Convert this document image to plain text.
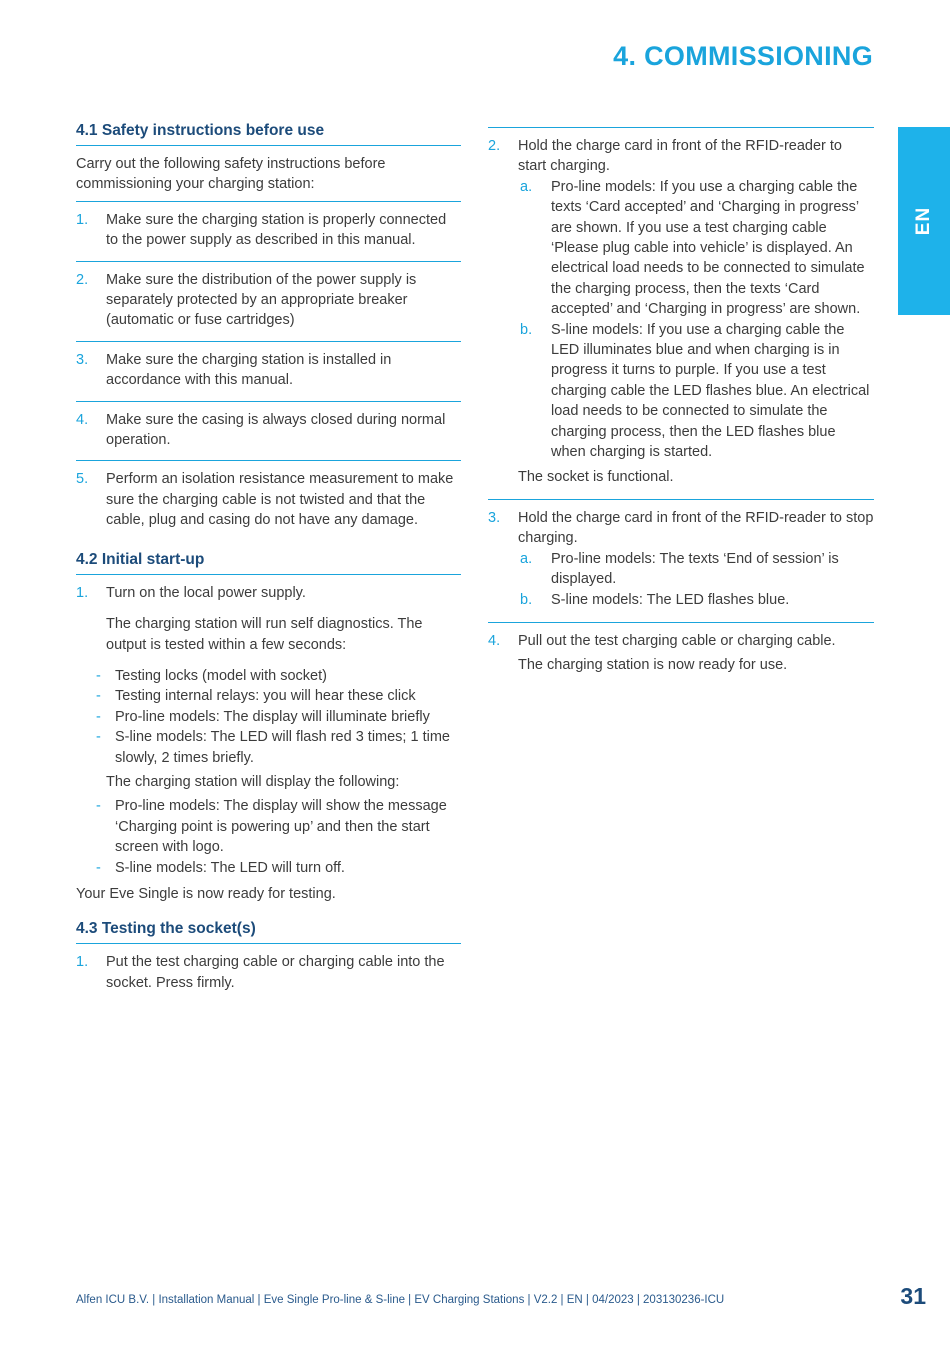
4. COMMISSIONING
EN
4.1 Safety instructions before use

Carry out the following safety instructions before commissioning your charging station:

1. Make sure the charging station is properly connected to the power supply as described in this manual.

2. Make sure the distribution of the power supply is separately protected by an appropriate breaker (automatic or fuse cartridges)

3. Make sure the charging station is installed in accordance with this manual.

4. Make sure the casing is always closed during normal operation.

5. Perform an isolation resistance measurement to make sure the charging cable is not twisted and that the cable, plug and casing do not have any damage.

4.2 Initial start-up
1. Turn on the local power supply.

The charging station will run self diagnostics. The output is tested within a few seconds:

- Testing locks (model with socket)
- Testing internal relays: you will hear these click
- Pro-line models: The display will illuminate briefly
- S-line models: The LED will flash red 3 times; 1 time slowly, 2 times briefly.

The charging station will display the following:

- Pro-line models: The display will show the message ‘Charging point is powering up’ and then the start screen with logo.
- S-line models: The LED will turn off.

Your Eve Single is now ready for testing.

4.3 Testing the socket(s)
1. Put the test charging cable or charging cable into the socket. Press firmly.

2. Hold the charge card in front of the RFID-reader to start charging.

a. Pro-line models: If you use a charging cable the texts ‘Card accepted’ and ‘Charging in progress’ are shown. If you use a test charging cable ‘Please plug cable into vehicle’ is displayed. An electrical load needs to be connected to simulate the charging process, then the texts ‘Card accepted’ and ‘Charging in progress’ are shown.
b. S-line models: If you use a charging cable the LED illuminates blue and when charging is in progress it turns to purple. If you use a test charging cable the LED flashes blue. An electrical load needs to be connected to simulate the charging process, then the LED flashes blue when charging is started.

The socket is functional.

3. Hold the charge card in front of the RFID-reader to stop charging.

a. Pro-line models: The texts ‘End of session’ is displayed.
b. S-line models: The LED flashes blue.
4. Pull out the test charging cable or charging cable.

The charging station is now ready for use.

Alfen ICU B.V. | Installation Manual | Eve Single Pro-line & S-line | EV Charging Stations | V2.2 | EN | 04/2023 | 203130236-ICU	31
